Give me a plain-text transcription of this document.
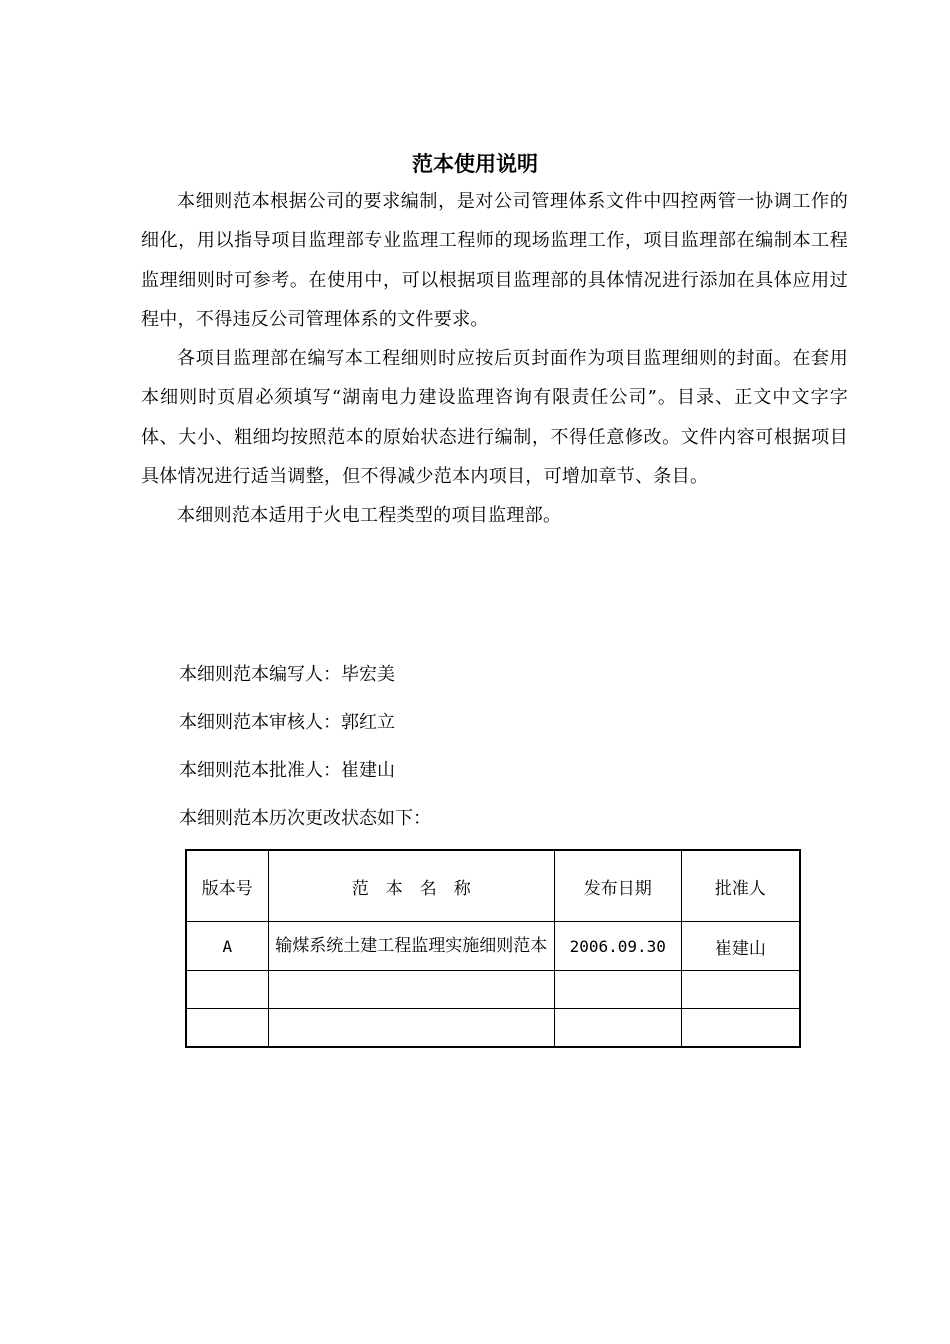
范本使用说明

本细则范本根据公司的要求编制，是对公司管理体系文件中四控两管一协调工作的细化，用以指导项目监理部专业监理工程师的现场监理工作，项目监理部在编制本工程监理细则时可参考。在使用中，可以根据项目监理部的具体情况进行添加在具体应用过程中，不得违反公司管理体系的文件要求。

各项目监理部在编写本工程细则时应按后页封面作为项目监理细则的封面。在套用本细则时页眉必须填写“湖南电力建设监理咨询有限责任公司”。目录、正文中文字字体、大小、粗细均按照范本的原始状态进行编制，不得任意修改。文件内容可根据项目具体情况进行适当调整，但不得减少范本内项目，可增加章节、条目。

本细则范本适用于火电工程类型的项目监理部。

本细则范本编写人：毕宏美
本细则范本审核人：郭红立
本细则范本批准人：崔建山
本细则范本历次更改状态如下：
版本号	范　本　名　称	发布日期	批准人
A	输煤系统土建工程监理实施细则范本	2006.09.30	崔建山
